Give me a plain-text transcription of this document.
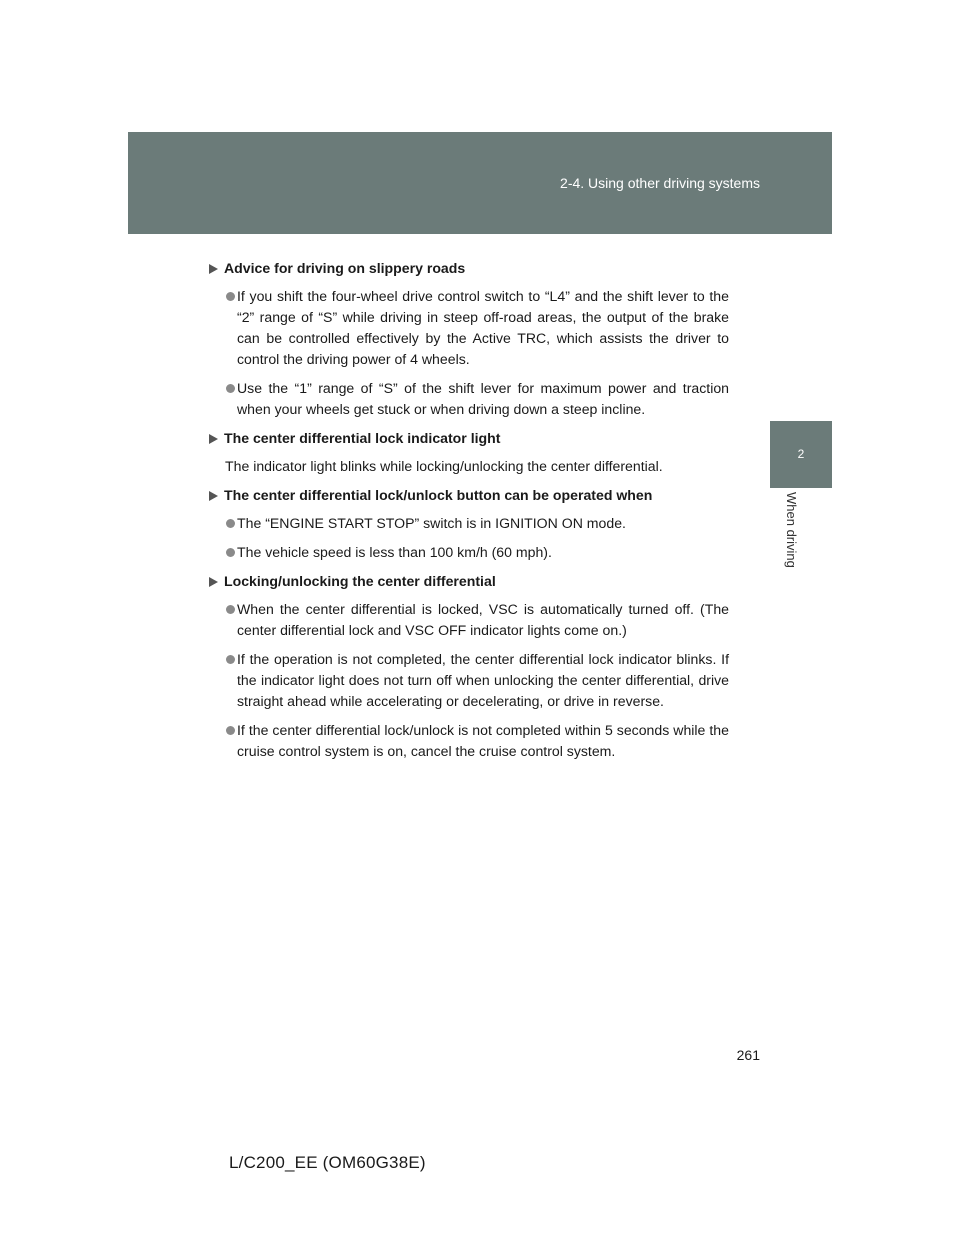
2-4. Using other driving systems
2
When driving
Advice for driving on slippery roads
If you shift the four-wheel drive control switch to “L4” and the shift lever to the “2” range of “S” while driving in steep off-road areas, the output of the brake can be controlled effectively by the Active TRC, which assists the driver to control the driving power of 4 wheels.
Use the “1” range of “S” of the shift lever for maximum power and traction when your wheels get stuck or when driving down a steep incline.
The center differential lock indicator light
The indicator light blinks while locking/unlocking the center differential.
The center differential lock/unlock button can be operated when
The “ENGINE START STOP” switch is in IGNITION ON mode.
The vehicle speed is less than 100 km/h (60 mph).
Locking/unlocking the center differential
When the center differential is locked, VSC is automatically turned off. (The center differential lock and VSC OFF indicator lights come on.)
If the operation is not completed, the center differential lock indicator blinks. If the indicator light does not turn off when unlocking the center differential, drive straight ahead while accelerating or decelerating, or drive in reverse.
If the center differential lock/unlock is not completed within 5 seconds while the cruise control system is on, cancel the cruise control system.
261
L/C200_EE (OM60G38E)
